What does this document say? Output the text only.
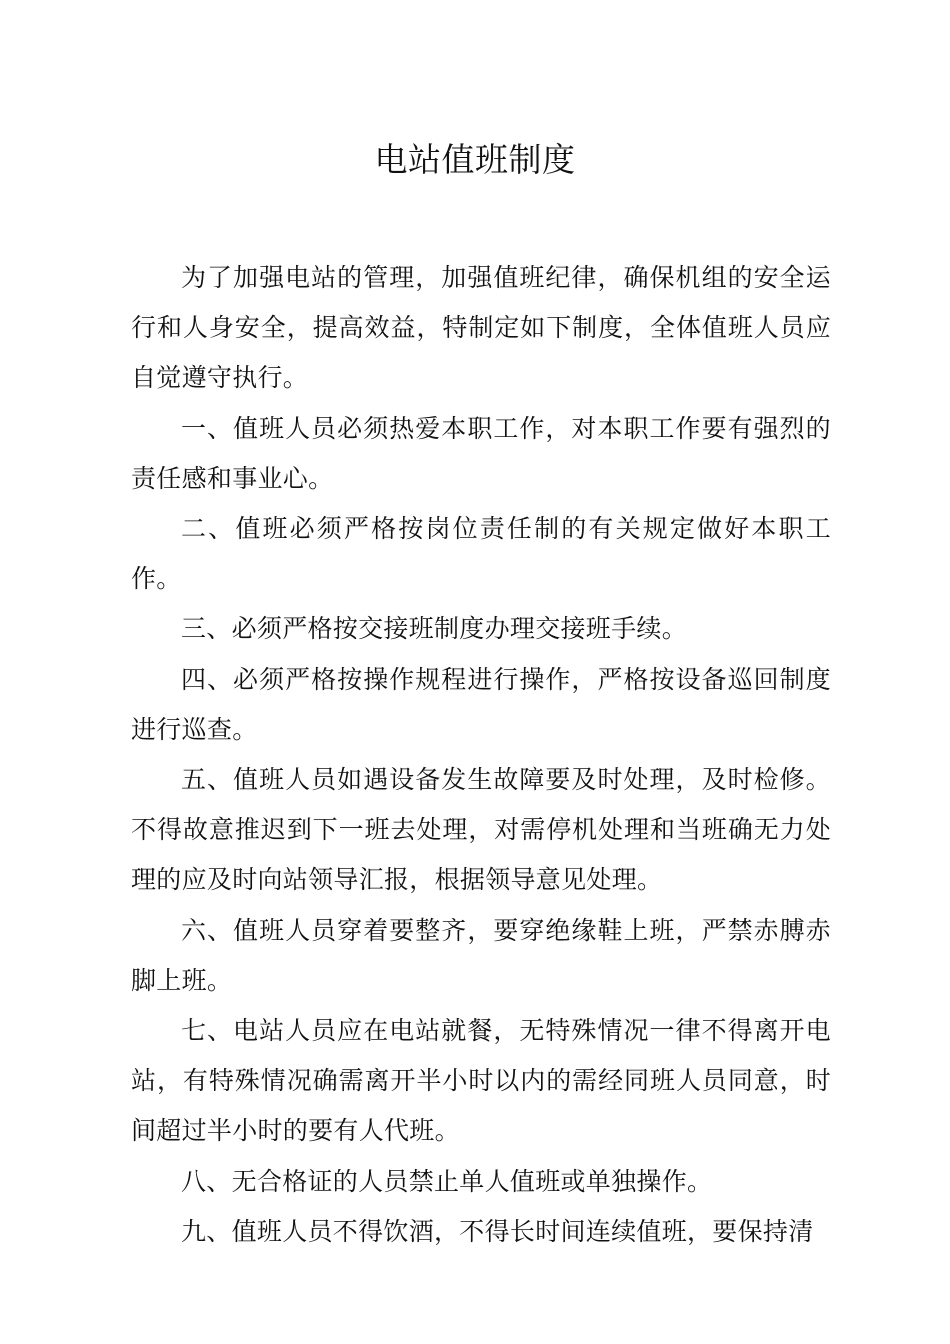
电站值班制度

为了加强电站的管理，加强值班纪律，确保机组的安全运行和人身安全，提高效益，特制定如下制度，全体值班人员应自觉遵守执行。

一、值班人员必须热爱本职工作，对本职工作要有强烈的责任感和事业心。

二、值班必须严格按岗位责任制的有关规定做好本职工作。

三、必须严格按交接班制度办理交接班手续。

四、必须严格按操作规程进行操作，严格按设备巡回制度进行巡查。

五、值班人员如遇设备发生故障要及时处理，及时检修。不得故意推迟到下一班去处理，对需停机处理和当班确无力处理的应及时向站领导汇报，根据领导意见处理。

六、值班人员穿着要整齐，要穿绝缘鞋上班，严禁赤膊赤脚上班。

七、电站人员应在电站就餐，无特殊情况一律不得离开电站，有特殊情况确需离开半小时以内的需经同班人员同意，时间超过半小时的要有人代班。

八、无合格证的人员禁止单人值班或单独操作。

九、值班人员不得饮酒，不得长时间连续值班，要保持清
